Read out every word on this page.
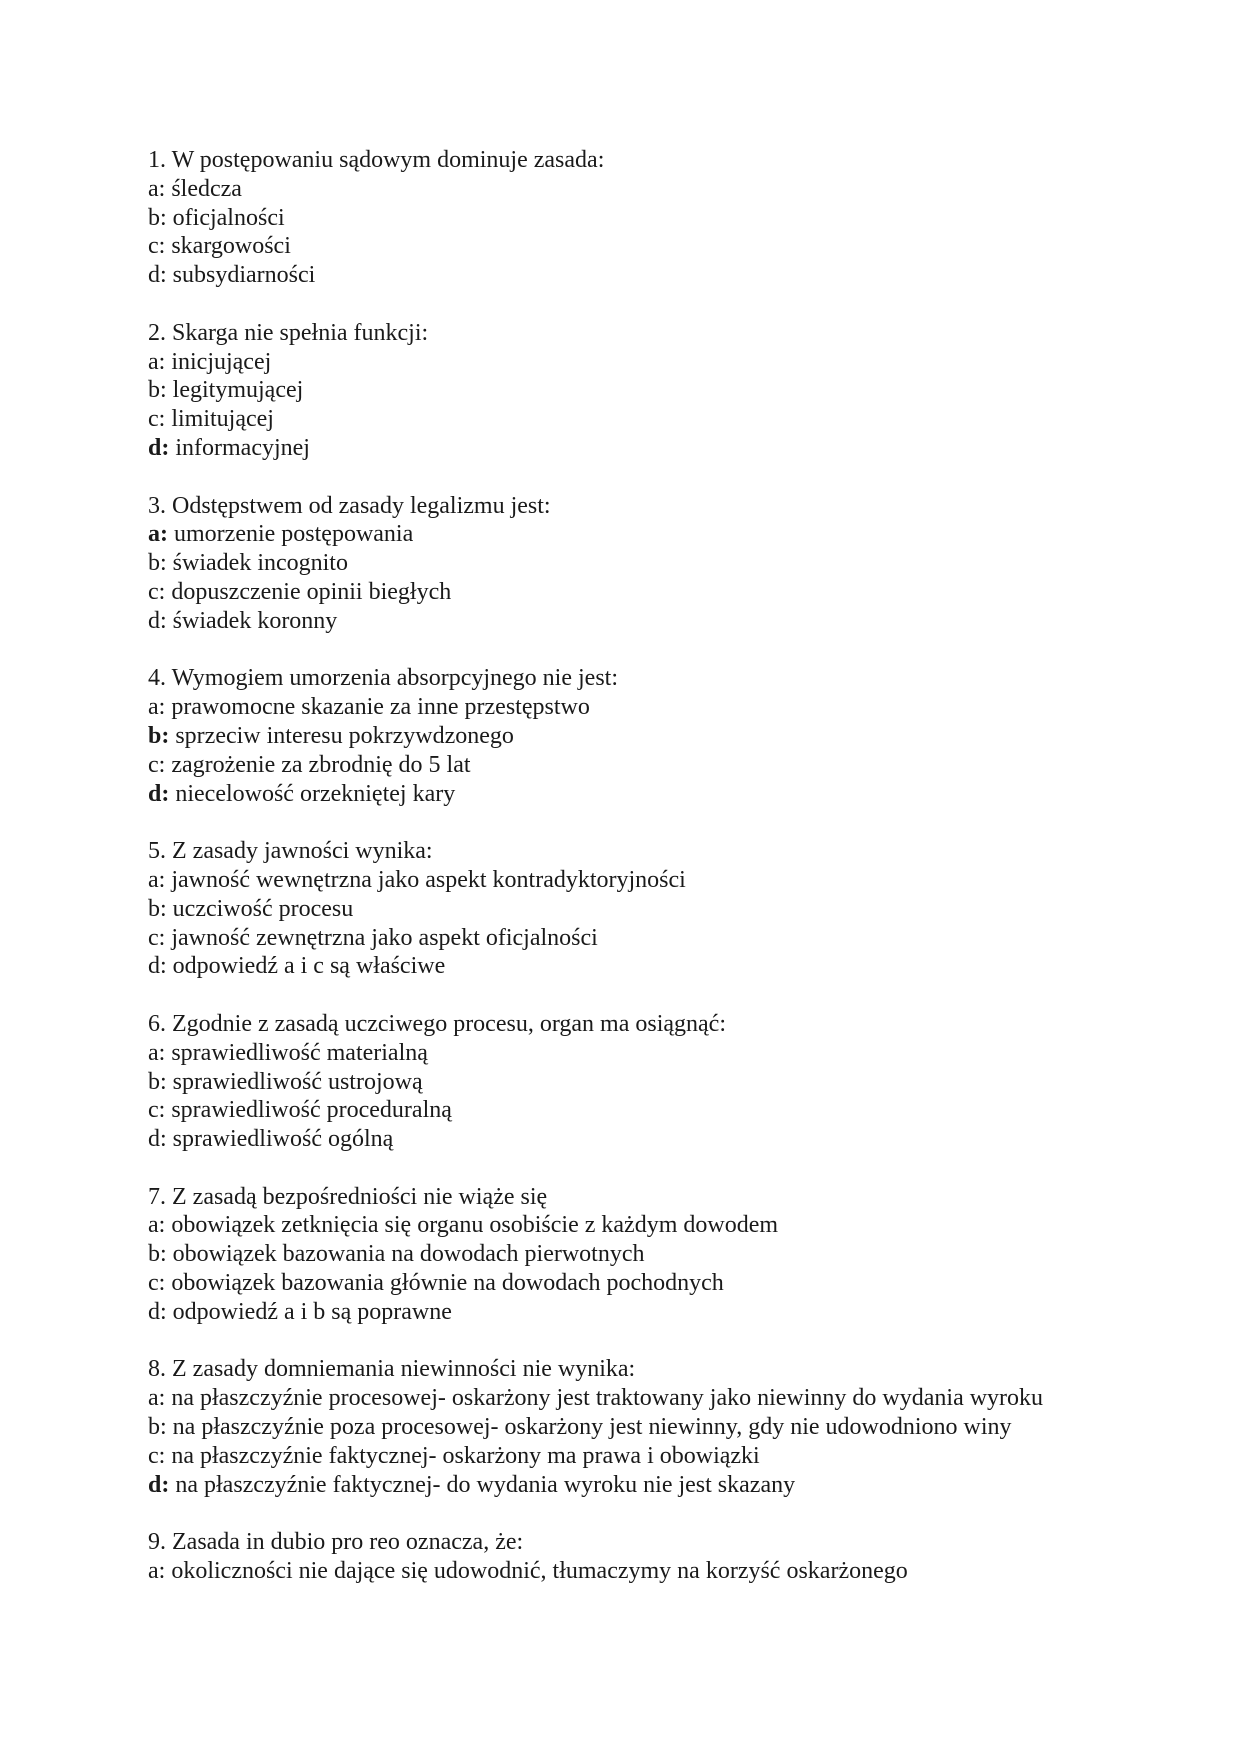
1. W postępowaniu sądowym dominuje zasada:

a: śledcza

b: oficjalności

c: skargowości

d: subsydiarności

2. Skarga nie spełnia funkcji:

a: inicjującej

b: legitymującej

c: limitującej

d: informacyjnej

3. Odstępstwem od zasady legalizmu jest:

a: umorzenie postępowania

b: świadek incognito

c: dopuszczenie opinii biegłych

d: świadek koronny

4. Wymogiem umorzenia absorpcyjnego nie jest:

a: prawomocne skazanie za inne przestępstwo

b: sprzeciw interesu pokrzywdzonego

c: zagrożenie za zbrodnię do 5 lat

d: niecelowość orzekniętej kary

5. Z zasady jawności wynika:

a: jawność wewnętrzna jako aspekt kontradyktoryjności

b: uczciwość procesu

c: jawność zewnętrzna jako aspekt oficjalności

d: odpowiedź a i c są właściwe

6. Zgodnie z zasadą uczciwego procesu, organ ma osiągnąć:

a: sprawiedliwość materialną

b: sprawiedliwość ustrojową

c: sprawiedliwość proceduralną

d: sprawiedliwość ogólną

7. Z zasadą bezpośredniości nie wiąże się

a: obowiązek zetknięcia się organu osobiście z każdym dowodem

b: obowiązek bazowania na dowodach pierwotnych

c: obowiązek bazowania głównie na dowodach pochodnych

d: odpowiedź a i b są poprawne

8. Z zasady domniemania niewinności nie wynika:

a: na płaszczyźnie procesowej- oskarżony jest traktowany jako niewinny do wydania wyroku

b: na płaszczyźnie poza procesowej- oskarżony jest niewinny, gdy nie udowodniono winy

c: na płaszczyźnie faktycznej- oskarżony ma prawa i obowiązki

d: na płaszczyźnie faktycznej- do wydania wyroku nie jest skazany

9. Zasada in dubio pro reo oznacza, że:

a: okoliczności nie dające się udowodnić, tłumaczymy na korzyść oskarżonego
